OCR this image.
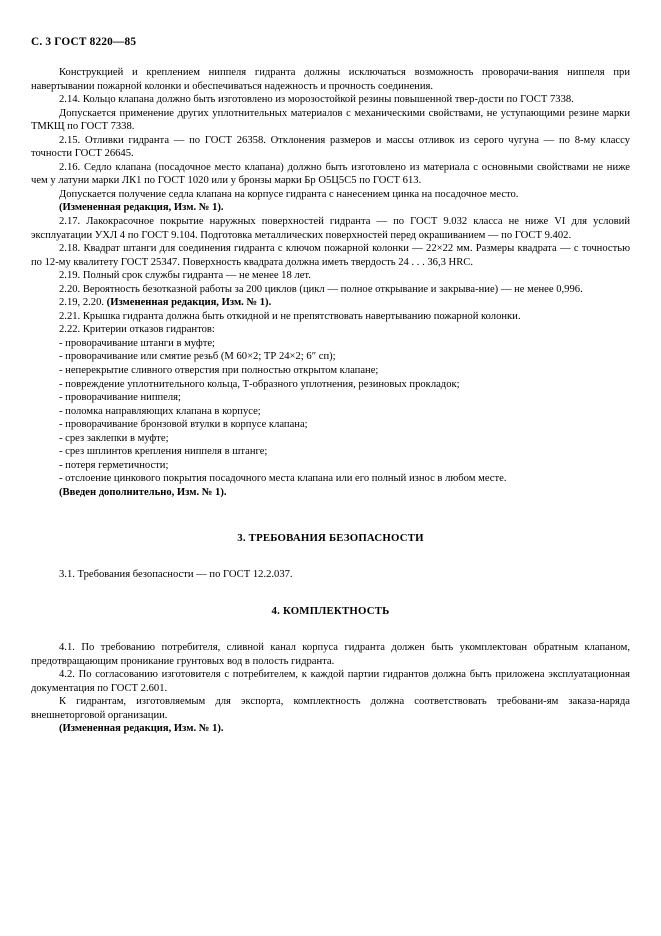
С. 3 ГОСТ 8220—85

Конструкцией и креплением ниппеля гидранта должны исключаться возможность проворачи-вания ниппеля при навертывании пожарной колонки и обеспечиваться надежность и прочность соединения.

2.14. Кольцо клапана должно быть изготовлено из морозостойкой резины повышенной твер-дости по ГОСТ 7338.

Допускается применение других уплотнительных материалов с механическими свойствами, не уступающими резине марки ТМКЩ по ГОСТ 7338.

2.15. Отливки гидранта — по ГОСТ 26358. Отклонения размеров и массы отливок из серого чугуна — по 8-му классу точности ГОСТ 26645.

2.16. Седло клапана (посадочное место клапана) должно быть изготовлено из материала с основными свойствами не ниже чем у латуни марки ЛК1 по ГОСТ 1020 или у бронзы марки Бр О5Ц5С5 по ГОСТ 613.

Допускается получение седла клапана на корпусе гидранта с нанесением цинка на посадочное место.

(Измененная редакция, Изм. № 1).

2.17. Лакокрасочное покрытие наружных поверхностей гидранта — по ГОСТ 9.032 класса не ниже VI для условий эксплуатации УХЛ 4 по ГОСТ 9.104. Подготовка металлических поверхностей перед окрашиванием — по ГОСТ 9.402.

2.18. Квадрат штанги для соединения гидранта с ключом пожарной колонки — 22×22 мм. Размеры квадрата — с точностью по 12-му квалитету ГОСТ 25347. Поверхность квадрата должна иметь твердость 24 . . . 36,3 HRC.

2.19. Полный срок службы гидранта — не менее 18 лет.

2.20. Вероятность безотказной работы за 200 циклов (цикл — полное открывание и закрыва-ние) — не менее 0,996.

2.19, 2.20. (Измененная редакция, Изм. № 1).

2.21. Крышка гидранта должна быть откидной и не препятствовать навертыванию пожарной колонки.

2.22. Критерии отказов гидрантов:

- проворачивание штанги в муфте;

- проворачивание или смятие резьб (М 60×2; ТР 24×2; 6″ сп);

- неперекрытие сливного отверстия при полностью открытом клапане;

- повреждение уплотнительного кольца, Т-образного уплотнения, резиновых прокладок;

- проворачивание ниппеля;

- поломка направляющих клапана в корпусе;

- проворачивание бронзовой втулки в корпусе клапана;

- срез заклепки в муфте;

- срез шплинтов крепления ниппеля в штанге;

- потеря герметичности;

- отслоение цинкового покрытия посадочного места клапана или его полный износ в любом месте.

(Введен дополнительно, Изм. № 1).

3. ТРЕБОВАНИЯ БЕЗОПАСНОСТИ

3.1. Требования безопасности — по ГОСТ 12.2.037.

4. КОМПЛЕКТНОСТЬ

4.1. По требованию потребителя, сливной канал корпуса гидранта должен быть укомплектован обратным клапаном, предотвращающим проникание грунтовых вод в полость гидранта.

4.2. По согласованию изготовителя с потребителем, к каждой партии гидрантов должна быть приложена эксплуатационная документация по ГОСТ 2.601.

К гидрантам, изготовляемым для экспорта, комплектность должна соответствовать требовани-ям заказа-наряда внешнеторговой организации.

(Измененная редакция, Изм. № 1).
